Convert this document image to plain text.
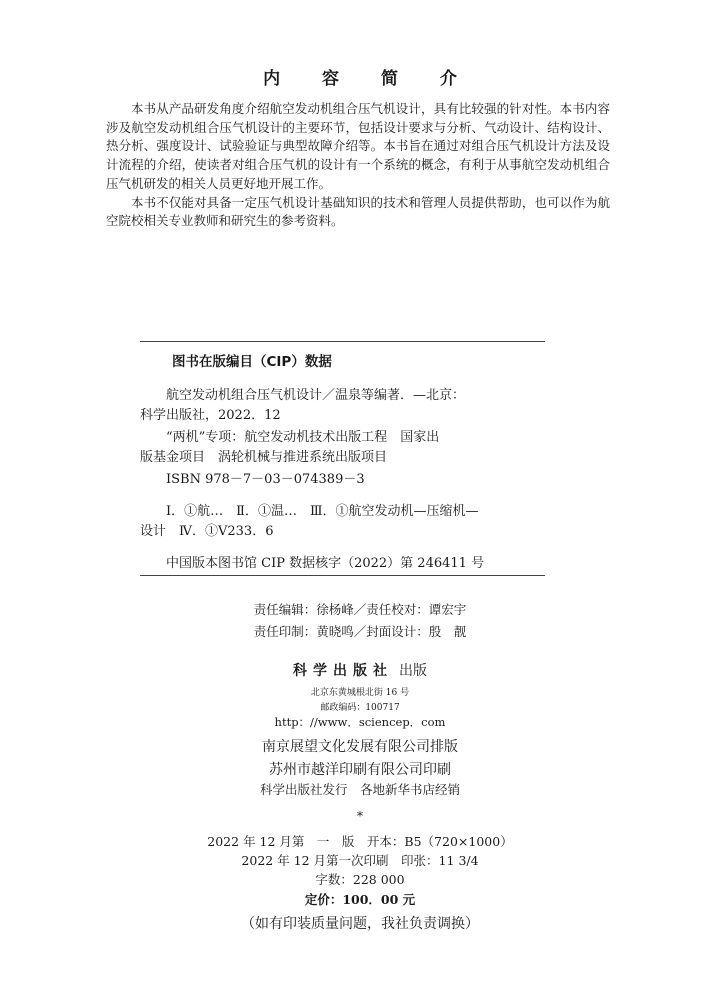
内 容 简 介

本书从产品研发角度介绍航空发动机组合压气机设计，具有比较强的针对性。本书内容涉及航空发动机组合压气机设计的主要环节，包括设计要求与分析、气动设计、结构设计、热分析、强度设计、试验验证与典型故障介绍等。本书旨在通过对组合压气机设计方法及设计流程的介绍，使读者对组合压气机的设计有一个系统的概念，有利于从事航空发动机组合压气机研发的相关人员更好地开展工作。

本书不仅能对具备一定压气机设计基础知识的技术和管理人员提供帮助，也可以作为航空院校相关专业教师和研究生的参考资料。

图书在版编目（CIP）数据
　　航空发动机组合压气机设计／温泉等编著．—北京：
科学出版社，2022．12
　　“两机”专项：航空发动机技术出版工程　国家出
版基金项目　涡轮机械与推进系统出版项目
　　ISBN 978－7－03－074389－3
　　Ⅰ．①航…　Ⅱ．①温…　Ⅲ．①航空发动机—压缩机—
设计　Ⅳ．①V233．6
　　中国版本图书馆 CIP 数据核字（2022）第 246411 号
责任编辑：徐杨峰／责任校对：谭宏宇
责任印制：黄晓鸣／封面设计：殷　靓
科学出版社 出版
北京东黄城根北街 16 号
邮政编码：100717
http：//www．sciencep．com
南京展望文化发展有限公司排版
苏州市越洋印刷有限公司印刷
科学出版社发行　各地新华书店经销
*
2022 年 12 月第　一　版　开本：B5（720×1000）
2022 年 12 月第一次印刷　印张：11 3/4
字数：228 000
定价：100．00 元
（如有印装质量问题，我社负责调换）
